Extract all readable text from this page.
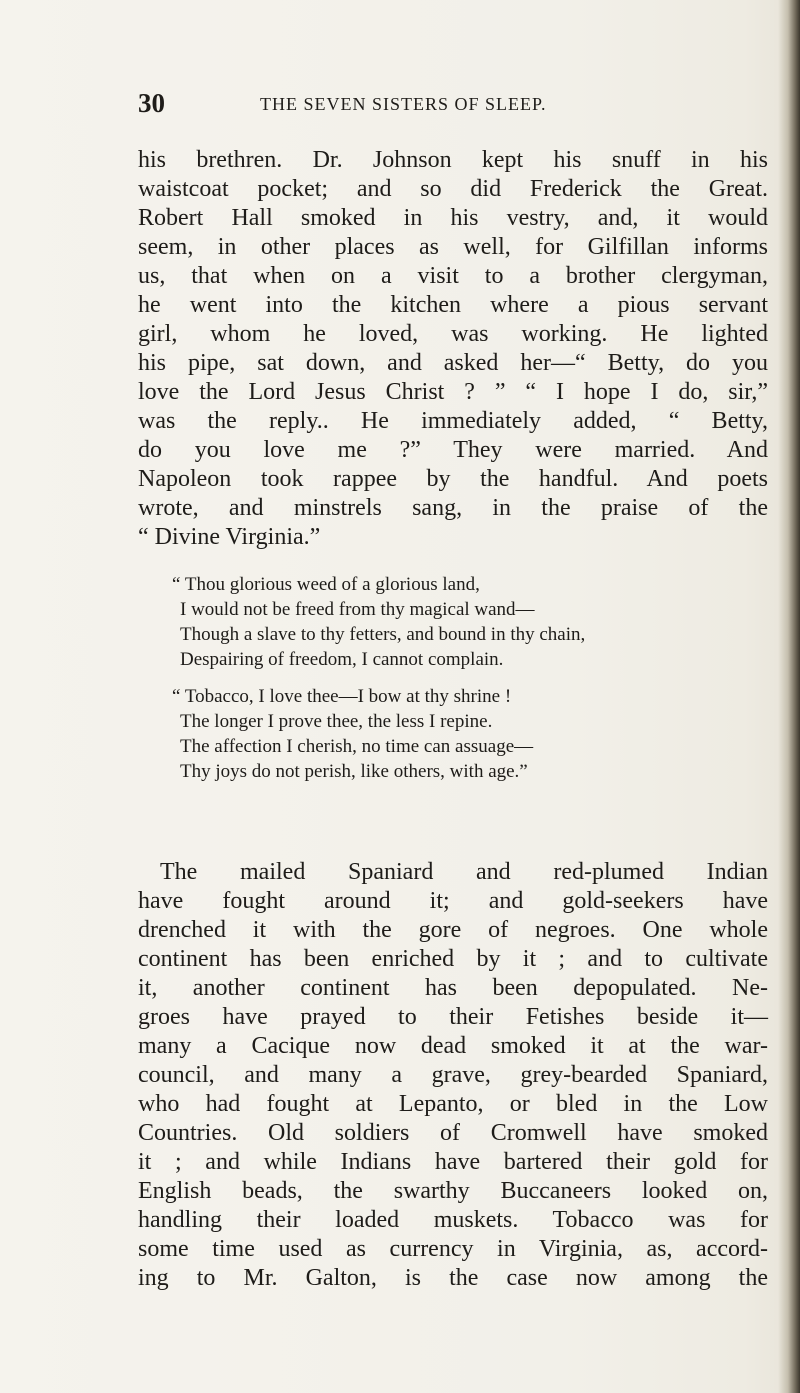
30	THE SEVEN SISTERS OF SLEEP.
his brethren. Dr. Johnson kept his snuff in his
waistcoat pocket; and so did Frederick the Great.
Robert Hall smoked in his vestry, and, it would
seem, in other places as well, for Gilfillan informs
us, that when on a visit to a brother clergyman,
he went into the kitchen where a pious servant
girl, whom he loved, was working. He lighted
his pipe, sat down, and asked her—“ Betty, do you
love the Lord Jesus Christ ? ” “ I hope I do, sir,”
was the reply.. He immediately added, “ Betty,
do you love me ?” They were married. And
Napoleon took rappee by the handful. And poets
wrote, and minstrels sang, in the praise of the
“ Divine Virginia.”
“ Thou glorious weed of a glorious land,
I would not be freed from thy magical wand—
Though a slave to thy fetters, and bound in thy chain,
Despairing of freedom, I cannot complain.
“ Tobacco, I love thee—I bow at thy shrine !
The longer I prove thee, the less I repine.
The affection I cherish, no time can assuage—
Thy joys do not perish, like others, with age.”
The mailed Spaniard and red-plumed Indian
have fought around it; and gold-seekers have
drenched it with the gore of negroes. One whole
continent has been enriched by it ; and to cultivate
it, another continent has been depopulated. Ne-
groes have prayed to their Fetishes beside it—
many a Cacique now dead smoked it at the war-
council, and many a grave, grey-bearded Spaniard,
who had fought at Lepanto, or bled in the Low
Countries. Old soldiers of Cromwell have smoked
it ; and while Indians have bartered their gold for
English beads, the swarthy Buccaneers looked on,
handling their loaded muskets. Tobacco was for
some time used as currency in Virginia, as, accord-
ing to Mr. Galton, is the case now among the
